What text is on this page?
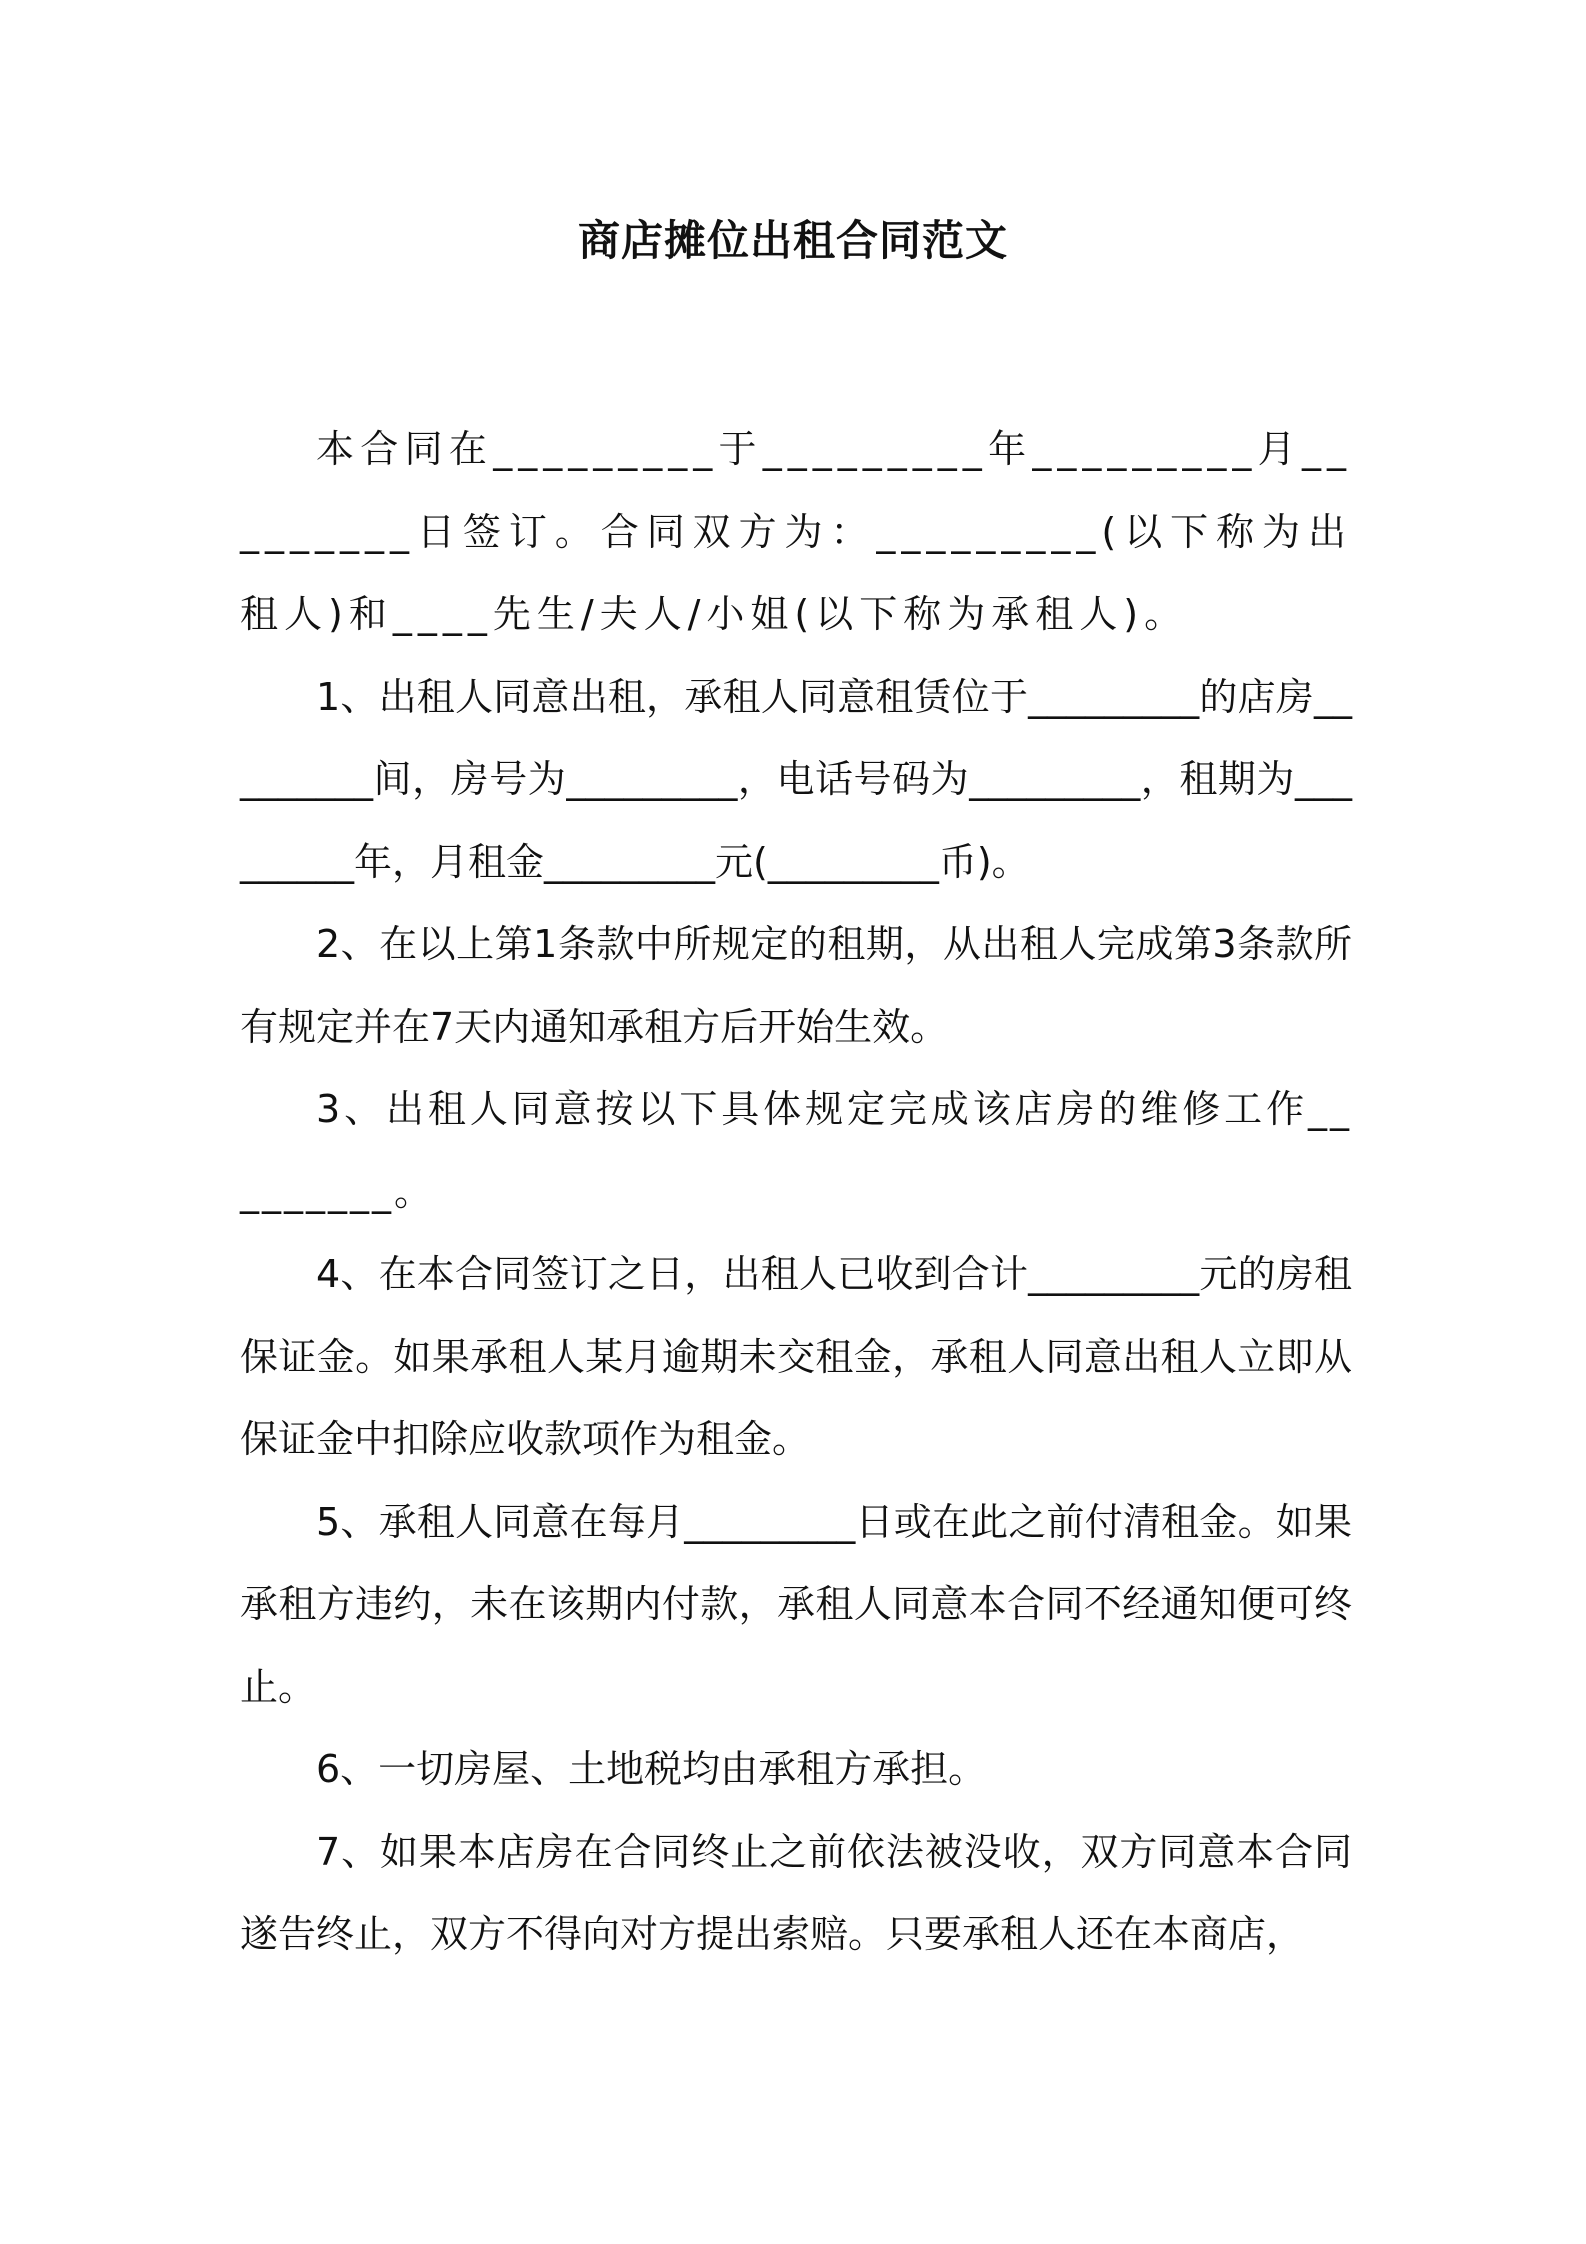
商店摊位出租合同范文

本合同在_________于_________年_________月_________日签订。合同双方为：_________(以下称为出租人)和____先生/夫人/小姐(以下称为承租人)。

1、出租人同意出租，承租人同意租赁位于_________的店房_________间，房号为_________，电话号码为_________，租期为_________年，月租金_________元(_________币)。

2、在以上第1条款中所规定的租期，从出租人完成第3条款所有规定并在7天内通知承租方后开始生效。

3、出租人同意按以下具体规定完成该店房的维修工作_________。

4、在本合同签订之日，出租人已收到合计_________元的房租保证金。如果承租人某月逾期未交租金，承租人同意出租人立即从保证金中扣除应收款项作为租金。

5、承租人同意在每月_________日或在此之前付清租金。如果承租方违约，未在该期内付款，承租人同意本合同不经通知便可终止。

6、一切房屋、土地税均由承租方承担。

7、如果本店房在合同终止之前依法被没收，双方同意本合同遂告终止，双方不得向对方提出索赔。只要承租人还在本商店，
